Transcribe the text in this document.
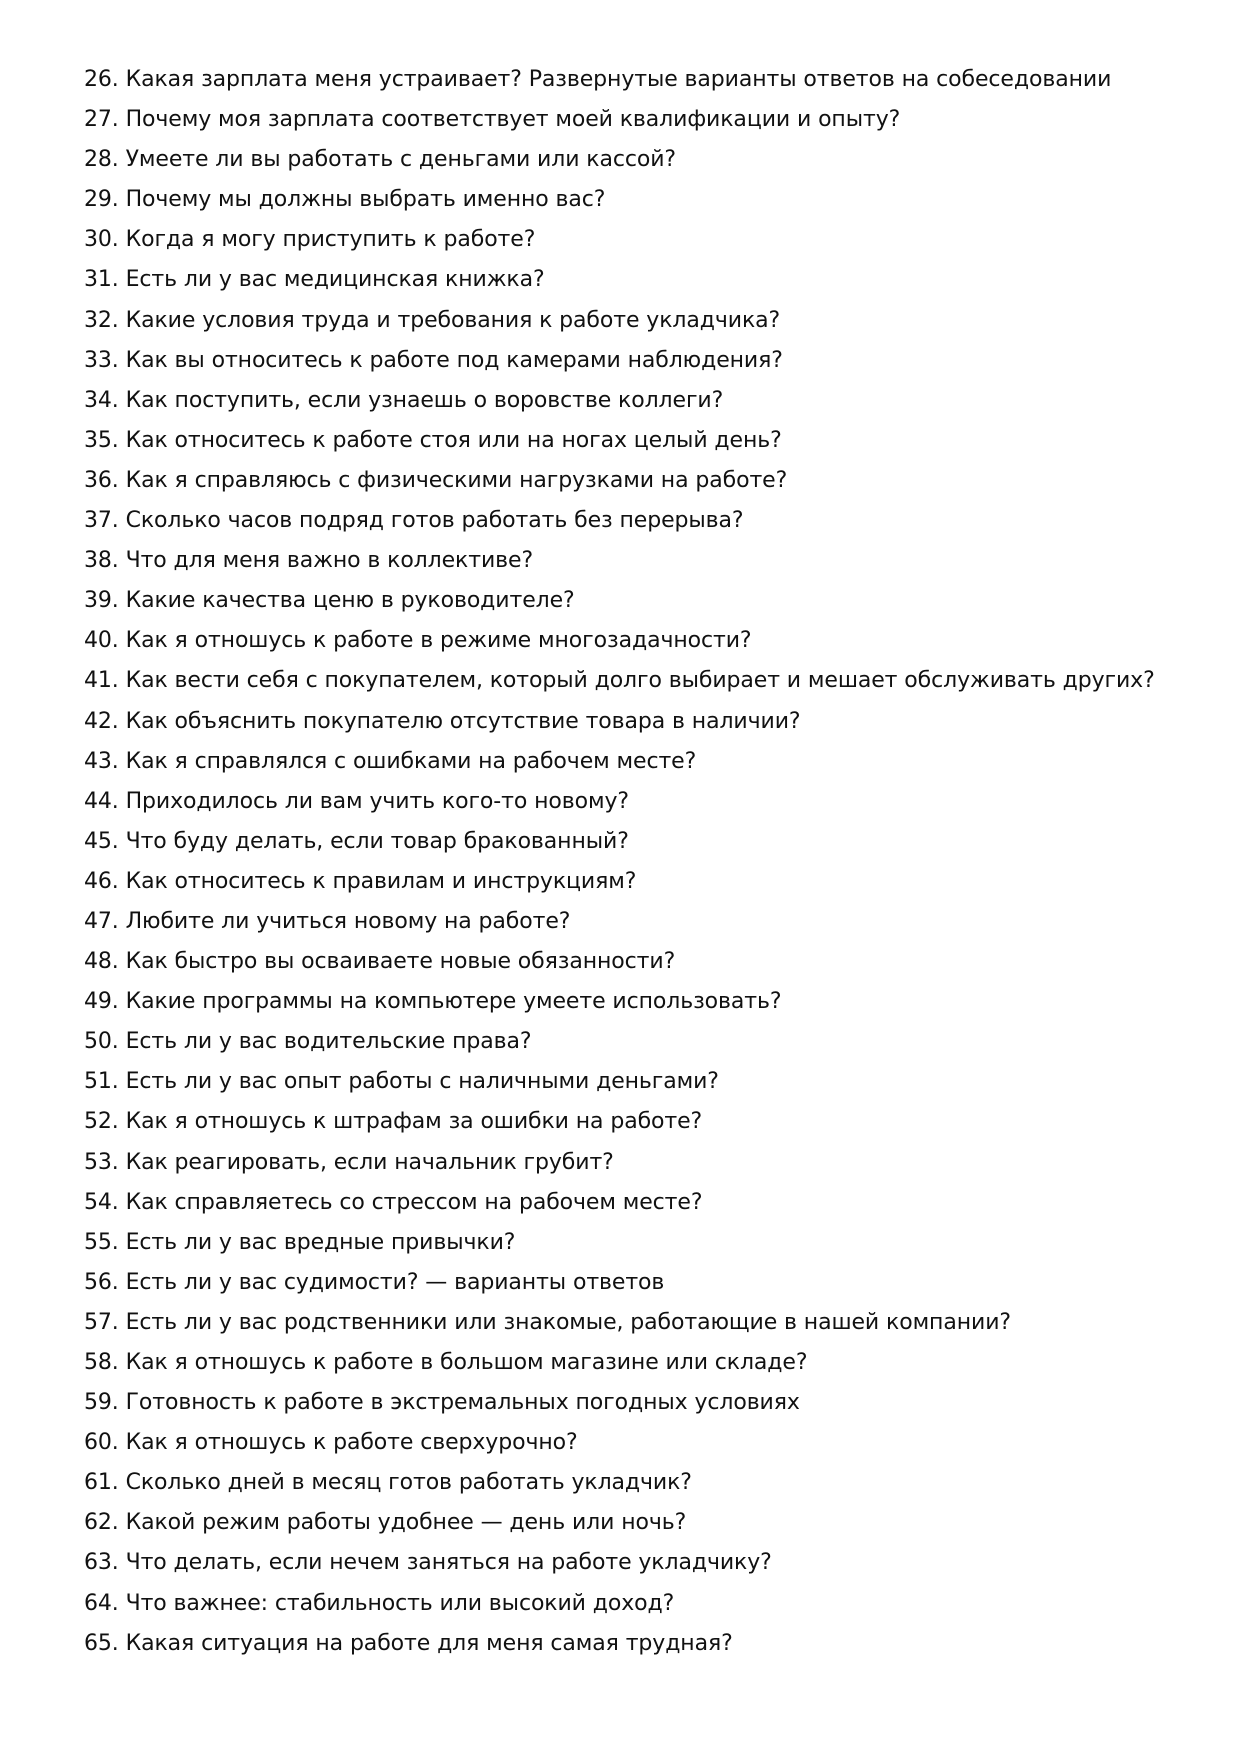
26. Какая зарплата меня устраивает? Развернутые варианты ответов на собеседовании
27. Почему моя зарплата соответствует моей квалификации и опыту?
28. Умеете ли вы работать с деньгами или кассой?
29. Почему мы должны выбрать именно вас?
30. Когда я могу приступить к работе?
31. Есть ли у вас медицинская книжка?
32. Какие условия труда и требования к работе укладчика?
33. Как вы относитесь к работе под камерами наблюдения?
34. Как поступить, если узнаешь о воровстве коллеги?
35. Как относитесь к работе стоя или на ногах целый день?
36. Как я справляюсь с физическими нагрузками на работе?
37. Сколько часов подряд готов работать без перерыва?
38. Что для меня важно в коллективе?
39. Какие качества ценю в руководителе?
40. Как я отношусь к работе в режиме многозадачности?
41. Как вести себя с покупателем, который долго выбирает и мешает обслуживать других?
42. Как объяснить покупателю отсутствие товара в наличии?
43. Как я справлялся с ошибками на рабочем месте?
44. Приходилось ли вам учить кого-то новому?
45. Что буду делать, если товар бракованный?
46. Как относитесь к правилам и инструкциям?
47. Любите ли учиться новому на работе?
48. Как быстро вы осваиваете новые обязанности?
49. Какие программы на компьютере умеете использовать?
50. Есть ли у вас водительские права?
51. Есть ли у вас опыт работы с наличными деньгами?
52. Как я отношусь к штрафам за ошибки на работе?
53. Как реагировать, если начальник грубит?
54. Как справляетесь со стрессом на рабочем месте?
55. Есть ли у вас вредные привычки?
56. Есть ли у вас судимости? — варианты ответов
57. Есть ли у вас родственники или знакомые, работающие в нашей компании?
58. Как я отношусь к работе в большом магазине или складе?
59. Готовность к работе в экстремальных погодных условиях
60. Как я отношусь к работе сверхурочно?
61. Сколько дней в месяц готов работать укладчик?
62. Какой режим работы удобнее — день или ночь?
63. Что делать, если нечем заняться на работе укладчику?
64. Что важнее: стабильность или высокий доход?
65. Какая ситуация на работе для меня самая трудная?
